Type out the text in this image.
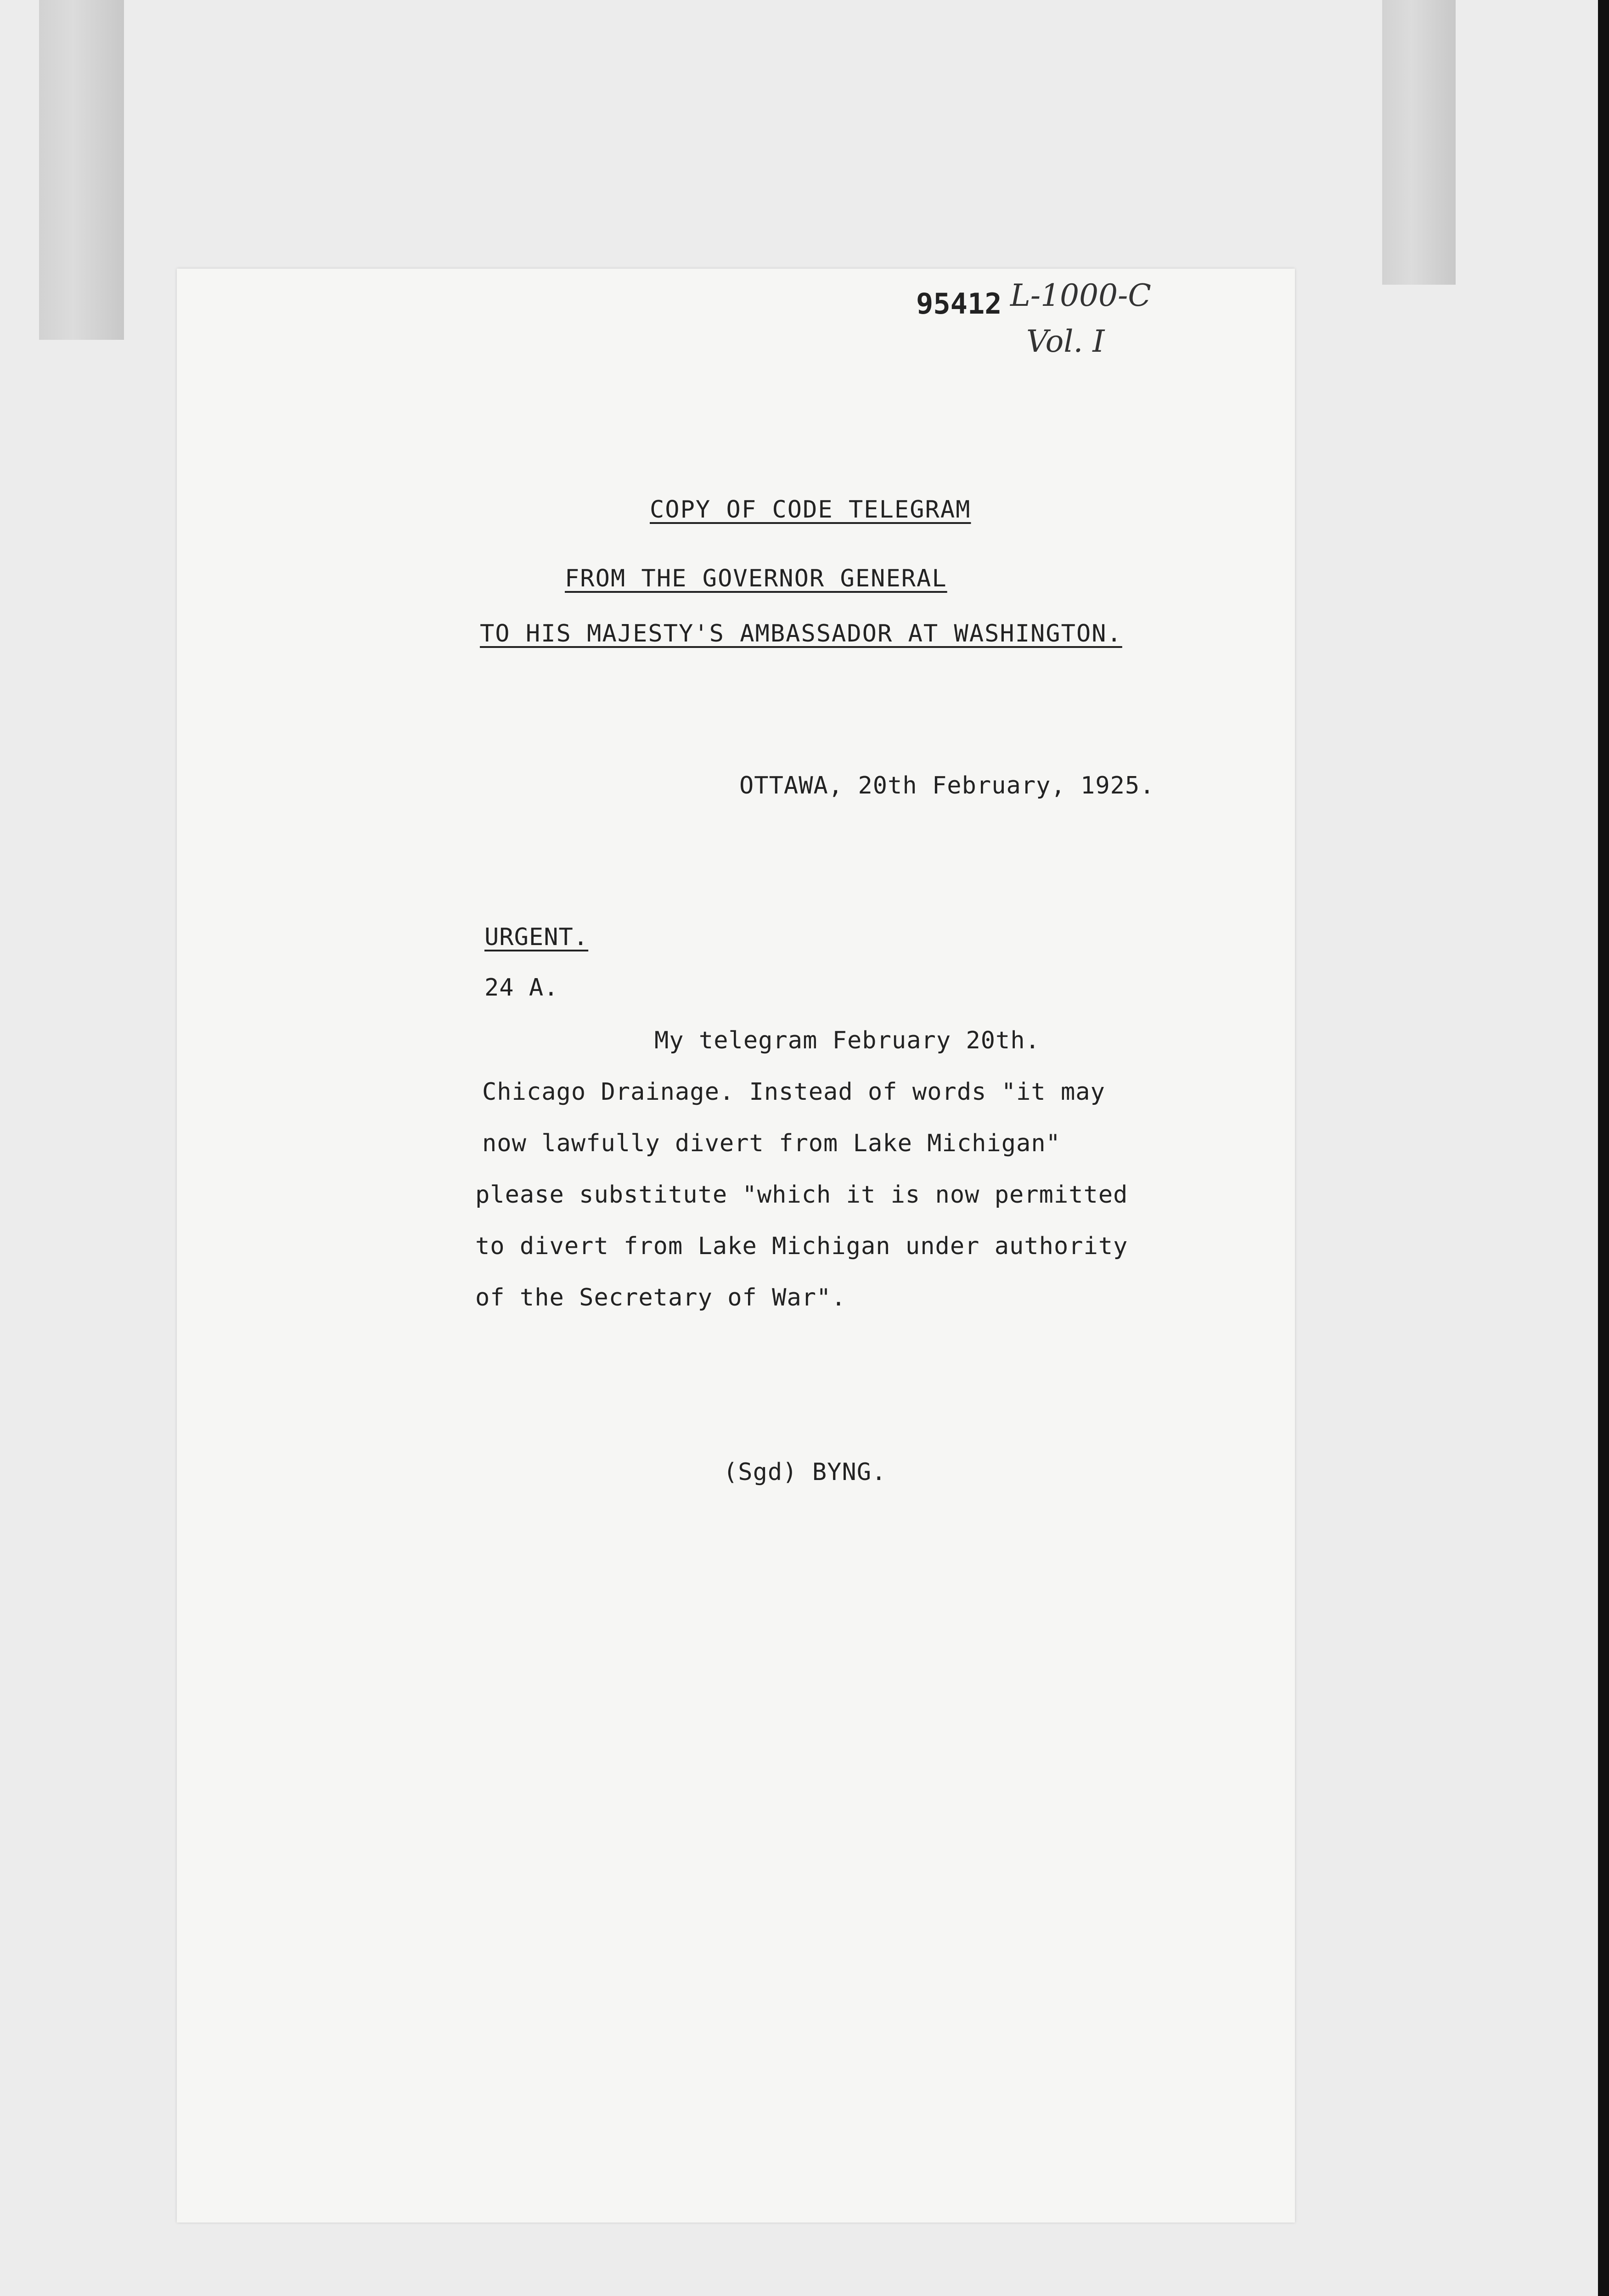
95412 L-1000-C
Vol. I
COPY OF CODE TELEGRAM
FROM THE GOVERNOR GENERAL
TO HIS MAJESTY'S AMBASSADOR AT WASHINGTON.
OTTAWA, 20th February, 1925.
URGENT.
24 A.
My telegram February 20th.
Chicago Drainage. Instead of words "it may
now lawfully divert from Lake Michigan"
please substitute "which it is now permitted
to divert from Lake Michigan under authority
of the Secretary of War".
(Sgd) BYNG.
